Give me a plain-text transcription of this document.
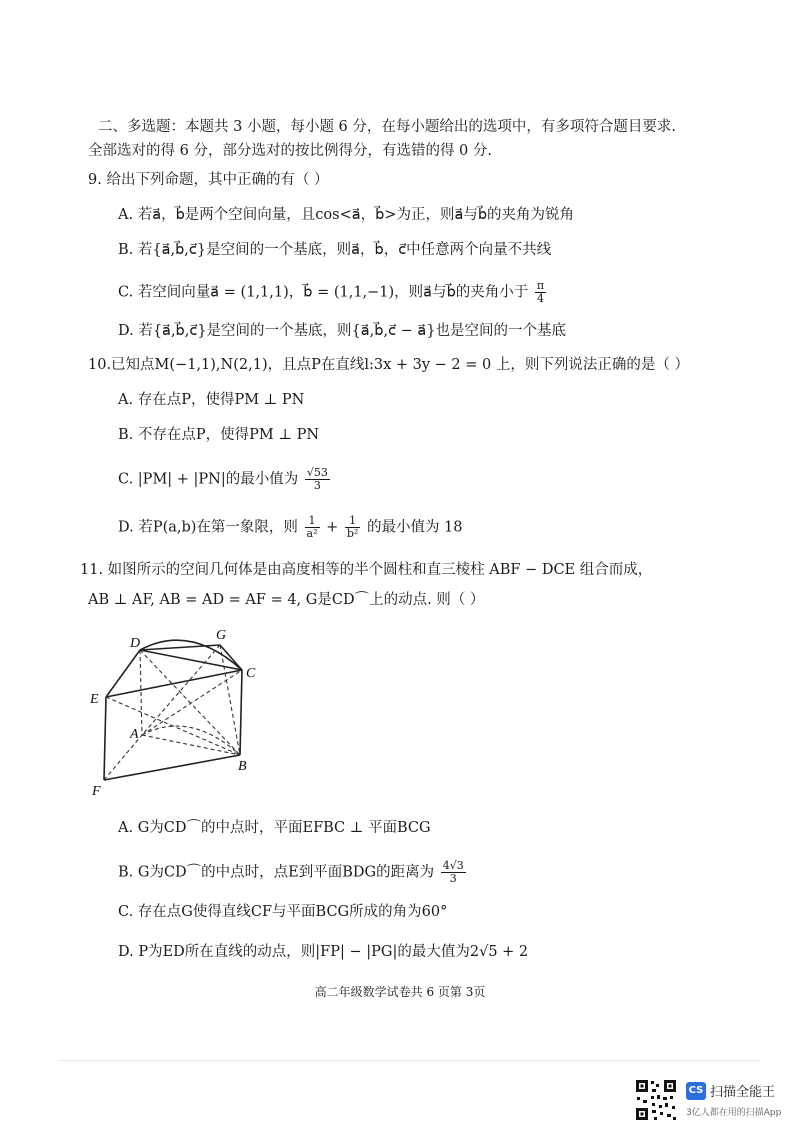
二、多选题：本题共 3 小题，每小题 6 分，在每小题给出的选项中，有多项符合题目要求.
全部选对的得 6 分，部分选对的按比例得分，有选错的得 0 分.
9. 给出下列命题，其中正确的有（ ）
A. 若a⃗，b⃗是两个空间向量，且cos<a⃗，b⃗>为正，则a⃗与b⃗的夹角为锐角
B. 若{a⃗,b⃗,c⃗}是空间的一个基底，则a⃗，b⃗，c⃗中任意两个向量不共线
C. 若空间向量a⃗ = (1,1,1)，b⃗ = (1,1,−1)，则a⃗与b⃗的夹角小于 $\frac{\pi}{4}$
D. 若{a⃗,b⃗,c⃗}是空间的一个基底，则{a⃗,b⃗,c⃗ − a⃗}也是空间的一个基底
10.已知点M(−1,1),N(2,1)，且点P在直线l:3x + 3y − 2 = 0 上，则下列说法正确的是（ ）
A. 存在点P，使得PM ⊥ PN
B. 不存在点P，使得PM ⊥ PN
C. |PM| + |PN|的最小值为 $\frac{√53}{3}$
D. 若P(a,b)在第一象限，则 $\frac{1}{\text{a²}} + \frac{1}{\text{b²}}$ 的最小值为 18
11. 如图所示的空间几何体是由高度相等的半个圆柱和直三棱柱 ABF − DCE 组合而成，
AB ⊥ AF, AB = AD = AF = 4, G是CD⌒上的动点. 则（ ）
D
G
C
E
A
B
F
A. G为CD⌒的中点时，平面EFBC ⊥ 平面BCG
B. G为CD⌒的中点时，点E到平面BDG的距离为 $\frac{4√3}{3}$
C. 存在点G使得直线CF与平面BCG所成的角为60°
D. P为ED所在直线的动点，则|FP| − |PG|的最大值为2√5 + 2
高二年级数学试卷共 6 页第 3页
CS 扫描全能王
3亿人都在用的扫描App
